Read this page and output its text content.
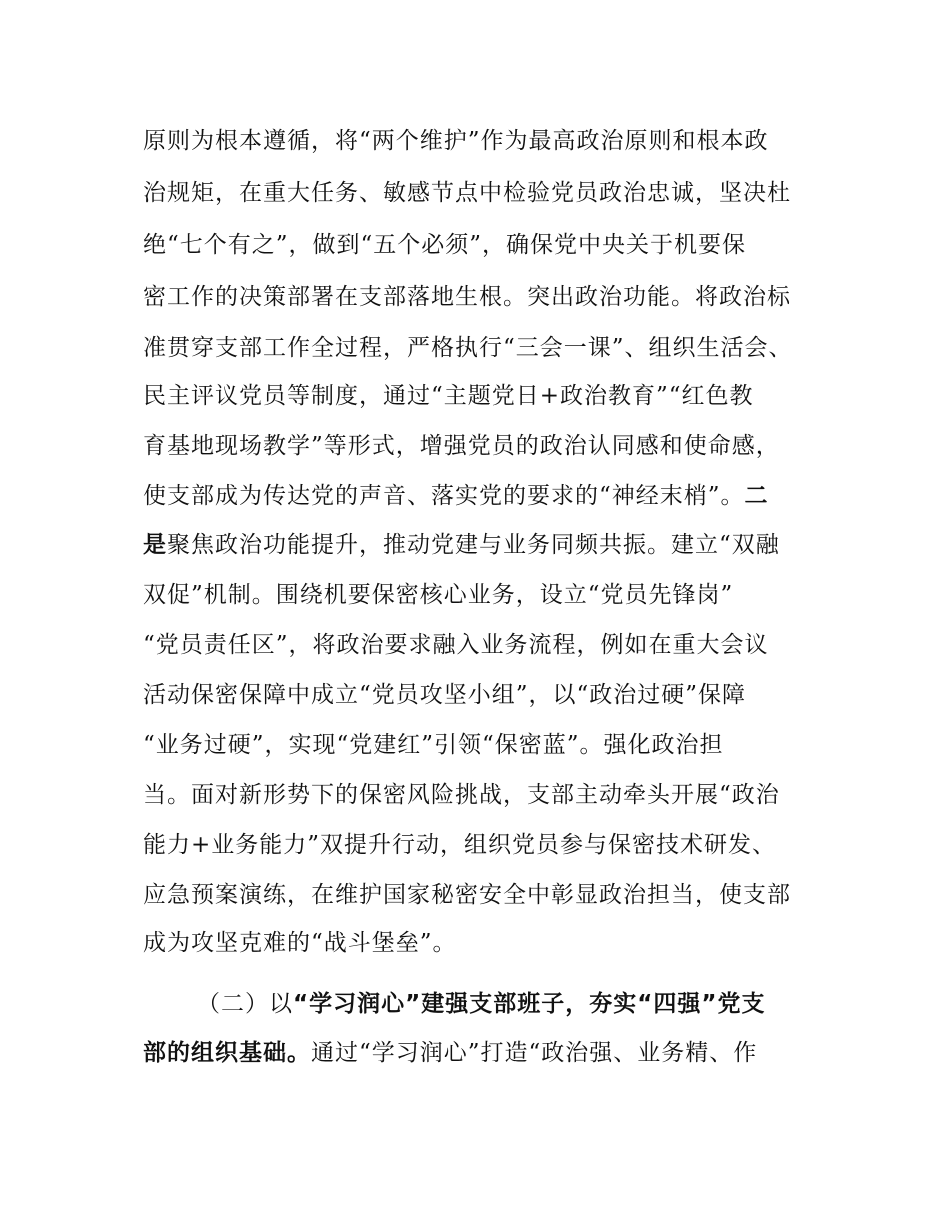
原则为根本遵循，将“两个维护”作为最高政治原则和根本政
治规矩，在重大任务、敏感节点中检验党员政治忠诚，坚决杜
绝“七个有之”，做到“五个必须”，确保党中央关于机要保
密工作的决策部署在支部落地生根。突出政治功能。将政治标
准贯穿支部工作全过程，严格执行“三会一课”、组织生活会、
民主评议党员等制度，通过“主题党日+政治教育”“红色教
育基地现场教学”等形式，增强党员的政治认同感和使命感，
使支部成为传达党的声音、落实党的要求的“神经末梢”。二
是聚焦政治功能提升，推动党建与业务同频共振。建立“双融
双促”机制。围绕机要保密核心业务，设立“党员先锋岗”
“党员责任区”，将政治要求融入业务流程，例如在重大会议
活动保密保障中成立“党员攻坚小组”，以“政治过硬”保障
“业务过硬”，实现“党建红”引领“保密蓝”。强化政治担
当。面对新形势下的保密风险挑战，支部主动牵头开展“政治
能力+业务能力”双提升行动，组织党员参与保密技术研发、
应急预案演练，在维护国家秘密安全中彰显政治担当，使支部
成为攻坚克难的“战斗堡垒”。
（二）以“学习润心”建强支部班子，夯实“四强”党支
部的组织基础。通过“学习润心”打造“政治强、业务精、作
